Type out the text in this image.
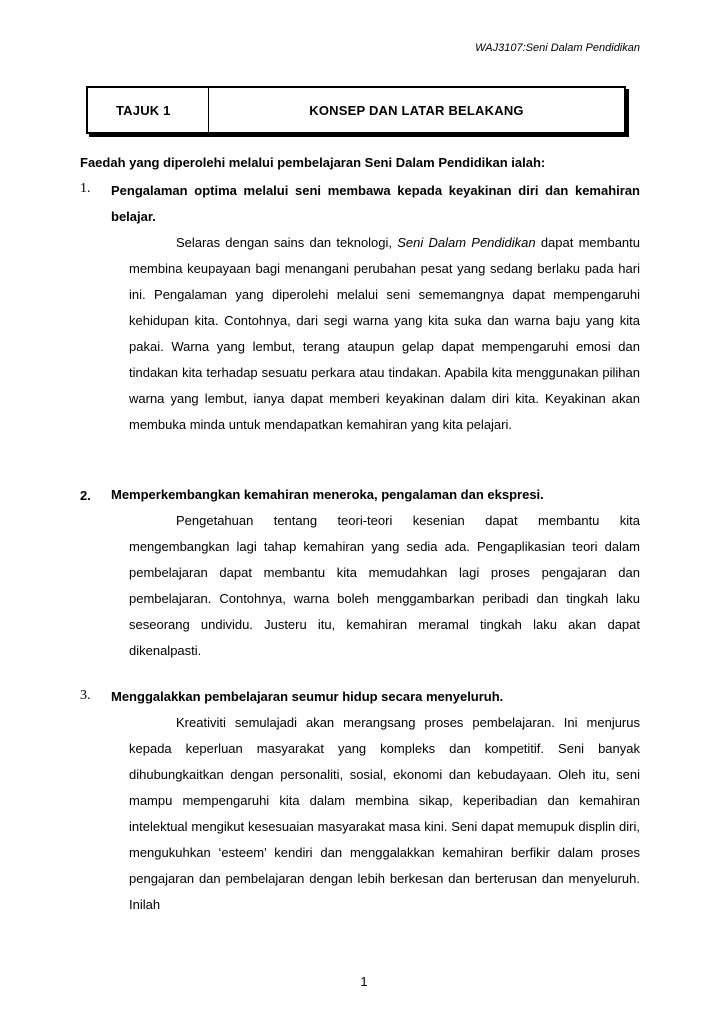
WAJ3107:Seni Dalam Pendidikan
TAJUK 1	KONSEP DAN LATAR BELAKANG
Faedah yang diperolehi melalui pembelajaran Seni Dalam Pendidikan ialah:
1.	Pengalaman optima melalui seni membawa kepada keyakinan diri dan kemahiran belajar.
Selaras dengan sains dan teknologi, Seni Dalam Pendidikan dapat membantu membina keupayaan bagi menangani perubahan pesat yang sedang berlaku pada hari ini. Pengalaman yang diperolehi melalui seni sememangnya dapat mempengaruhi kehidupan kita. Contohnya, dari segi warna yang kita suka dan warna baju yang kita pakai. Warna yang lembut, terang ataupun gelap dapat mempengaruhi emosi dan tindakan kita terhadap sesuatu perkara atau tindakan. Apabila kita menggunakan pilihan warna yang lembut, ianya dapat memberi keyakinan dalam diri kita. Keyakinan akan membuka minda untuk mendapatkan kemahiran yang kita pelajari.
2. Memperkembangkan kemahiran meneroka, pengalaman dan ekspresi.
Pengetahuan tentang teori-teori kesenian dapat membantu kita mengembangkan lagi tahap kemahiran yang sedia ada. Pengaplikasian teori dalam pembelajaran dapat membantu kita memudahkan lagi proses pengajaran dan pembelajaran. Contohnya, warna boleh menggambarkan peribadi dan tingkah laku seseorang undividu. Justeru itu, kemahiran meramal tingkah laku akan dapat dikenalpasti.
3. Menggalakkan pembelajaran seumur hidup secara menyeluruh.
Kreativiti semulajadi akan merangsang proses pembelajaran. Ini menjurus kepada keperluan masyarakat yang kompleks dan kompetitif. Seni banyak dihubungkaitkan dengan personaliti, sosial, ekonomi dan kebudayaan. Oleh itu, seni mampu mempengaruhi kita dalam membina sikap, keperibadian dan kemahiran intelektual mengikut kesesuaian masyarakat masa kini. Seni dapat memupuk displin diri, mengukuhkan ‘esteem’ kendiri dan menggalakkan kemahiran berfikir dalam proses pengajaran dan pembelajaran dengan lebih berkesan dan berterusan dan menyeluruh. Inilah
1
